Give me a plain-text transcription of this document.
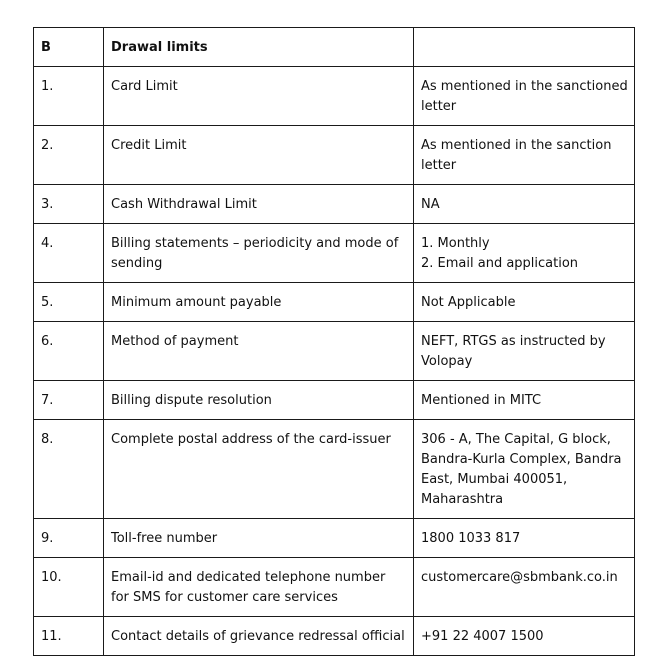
B	Drawal limits	
1.	Card Limit	As mentioned in the sanctioned letter
2.	Credit Limit	As mentioned in the sanction letter
3.	Cash Withdrawal Limit	NA
4.	Billing statements – periodicity and mode of sending	1. Monthly
2. Email and application

5.	Minimum amount payable	Not Applicable
6.	Method of payment	NEFT, RTGS as instructed by Volopay
7.	Billing dispute resolution	Mentioned in MITC
8.	Complete postal address of the card-issuer	306 - A, The Capital, G block, Bandra-Kurla Complex, Bandra East, Mumbai 400051, Maharashtra
9.	Toll-free number	1800 1033 817
10.	Email-id and dedicated telephone number for SMS for customer care services	customercare@sbmbank.co.in
11.	Contact details of grievance redressal official	+91 22 4007 1500
